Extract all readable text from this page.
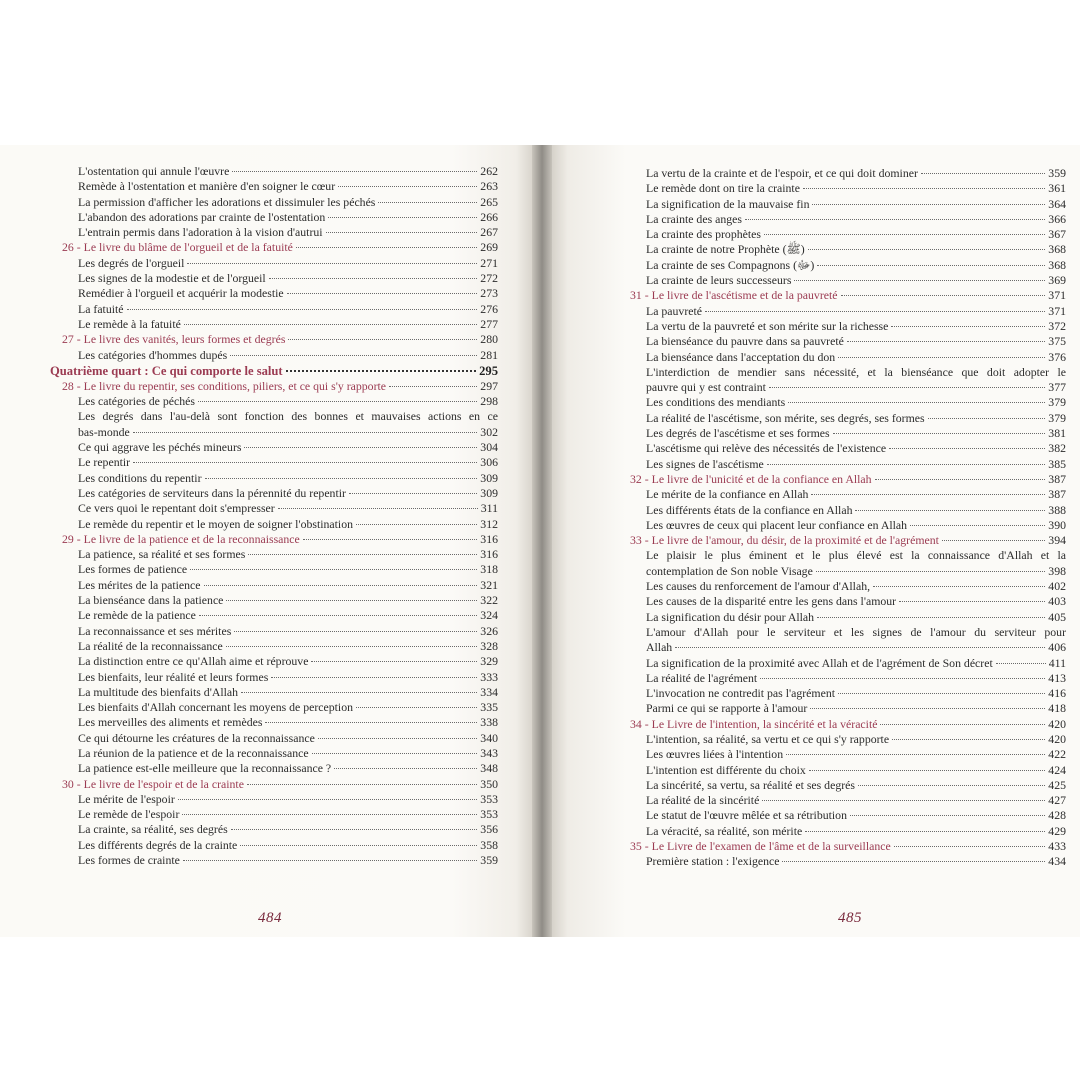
L'ostentation qui annule l'œuvre	262
Remède à l'ostentation et manière d'en soigner le cœur	263
La permission d'afficher les adorations et dissimuler les péchés	265
L'abandon des adorations par crainte de l'ostentation	266
L'entrain permis dans l'adoration à la vision d'autrui	267
26 - Le livre du blâme de l'orgueil et de la fatuité	269
Les degrés de l'orgueil	271
Les signes de la modestie et de l'orgueil	272
Remédier à l'orgueil et acquérir la modestie	273
La fatuité	276
Le remède à la fatuité	277
27 - Le livre des vanités, leurs formes et degrés	280
Les catégories d'hommes dupés	281
Quatrième quart : Ce qui comporte le salut	295
28 - Le livre du repentir, ses conditions, piliers, et ce qui s'y rapporte	297
Les catégories de péchés	298
Les degrés dans l'au-delà sont fonction des bonnes et mauvaises actions en ce
bas-monde	302
Ce qui aggrave les péchés mineurs	304
Le repentir	306
Les conditions du repentir	309
Les catégories de serviteurs dans la pérennité du repentir	309
Ce vers quoi le repentant doit s'empresser	311
Le remède du repentir et le moyen de soigner l'obstination	312
29 - Le livre de la patience et de la reconnaissance	316
La patience, sa réalité et ses formes	316
Les formes de patience	318
Les mérites de la patience	321
La bienséance dans la patience	322
Le remède de la patience	324
La reconnaissance et ses mérites	326
La réalité de la reconnaissance	328
La distinction entre ce qu'Allah aime et réprouve	329
Les bienfaits, leur réalité et leurs formes	333
La multitude des bienfaits d'Allah	334
Les bienfaits d'Allah concernant les moyens de perception	335
Les merveilles des aliments et remèdes	338
Ce qui détourne les créatures de la reconnaissance	340
La réunion de la patience et de la reconnaissance	343
La patience est-elle meilleure que la reconnaissance ?	348
30 - Le livre de l'espoir et de la crainte	350
Le mérite de l'espoir	353
Le remède de l'espoir	353
La crainte, sa réalité, ses degrés	356
Les différents degrés de la crainte	358
Les formes de crainte	359
484
La vertu de la crainte et de l'espoir, et ce qui doit dominer	359
Le remède dont on tire la crainte	361
La signification de la mauvaise fin	364
La crainte des anges	366
La crainte des prophètes	367
La crainte de notre Prophète (ﷺ)	368
La crainte de ses Compagnons (ﷻ)	368
La crainte de leurs successeurs	369
31 - Le livre de l'ascétisme et de la pauvreté	371
La pauvreté	371
La vertu de la pauvreté et son mérite sur la richesse	372
La bienséance du pauvre dans sa pauvreté	375
La bienséance dans l'acceptation du don	376
L'interdiction de mendier sans nécessité, et la bienséance que doit adopter le
pauvre qui y est contraint	377
Les conditions des mendiants	379
La réalité de l'ascétisme, son mérite, ses degrés, ses formes	379
Les degrés de l'ascétisme et ses formes	381
L'ascétisme qui relève des nécessités de l'existence	382
Les signes de l'ascétisme	385
32 - Le livre de l'unicité et de la confiance en Allah	387
Le mérite de la confiance en Allah	387
Les différents états de la confiance en Allah	388
Les œuvres de ceux qui placent leur confiance en Allah	390
33 - Le livre de l'amour, du désir, de la proximité et de l'agrément	394
Le plaisir le plus éminent et le plus élevé est la connaissance d'Allah et la
contemplation de Son noble Visage	398
Les causes du renforcement de l'amour d'Allah,	402
Les causes de la disparité entre les gens dans l'amour	403
La signification du désir pour Allah	405
L'amour d'Allah pour le serviteur et les signes de l'amour du serviteur pour
Allah	406
La signification de la proximité avec Allah et de l'agrément de Son décret	411
La réalité de l'agrément	413
L'invocation ne contredit pas l'agrément	416
Parmi ce qui se rapporte à l'amour	418
34 - Le Livre de l'intention, la sincérité et la véracité	420
L'intention, sa réalité, sa vertu et ce qui s'y rapporte	420
Les œuvres liées à l'intention	422
L'intention est différente du choix	424
La sincérité, sa vertu, sa réalité et ses degrés	425
La réalité de la sincérité	427
Le statut de l'œuvre mêlée et sa rétribution	428
La véracité, sa réalité, son mérite	429
35 - Le Livre de l'examen de l'âme et de la surveillance	433
Première station : l'exigence	434
485
